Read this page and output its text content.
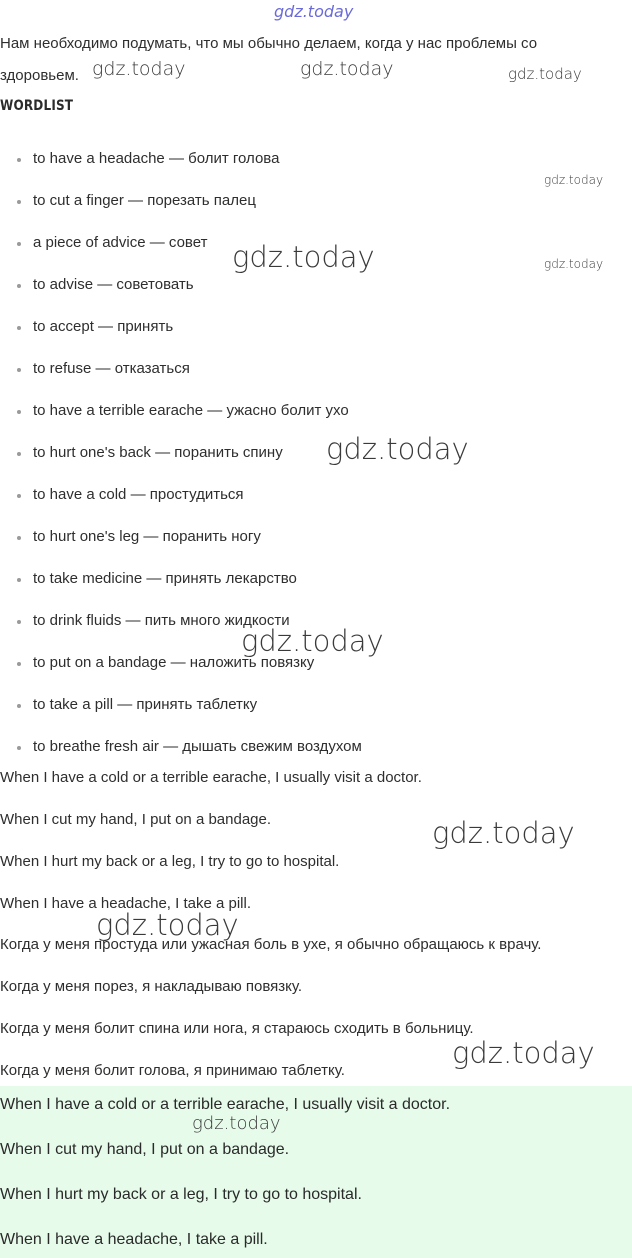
gdz.today
Нам необходимо подумать, что мы обычно делаем, когда у нас проблемы со
здоровьем. gdz.today	gdz.today	gdz.today
WORDLIST
to have a headache — болит голова
to cut a finger — порезать палец
a piece of advice — совет
to advise — советовать
to accept — принять
to refuse — отказаться
to have a terrible earache — ужасно болит ухо
to hurt one's back — поранить спину
to have a cold — простудиться
to hurt one's leg — поранить ногу
to take medicine — принять лекарство
to drink fluids — пить много жидкости
to put on a bandage — наложить повязку
to take a pill — принять таблетку
to breathe fresh air — дышать свежим воздухом
gdz.today
gdz.today	gdz.today
gdz.today
gdz.today
When I have a cold or a terrible earache, I usually visit a doctor.
When I cut my hand, I put on a bandage.
When I hurt my back or a leg, I try to go to hospital.
When I have a headache, I take a pill.
gdz.today
gdz.today
Когда у меня простуда или ужасная боль в ухе, я обычно обращаюсь к врачу.
Когда у меня порез, я накладываю повязку.
Когда у меня болит спина или нога, я стараюсь сходить в больницу.
Когда у меня болит голова, я принимаю таблетку.
gdz.today
When I have a cold or a terrible earache, I usually visit a doctor.
When I cut my hand, I put on a bandage.
When I hurt my back or a leg, I try to go to hospital.
When I have a headache, I take a pill.
gdz.today
